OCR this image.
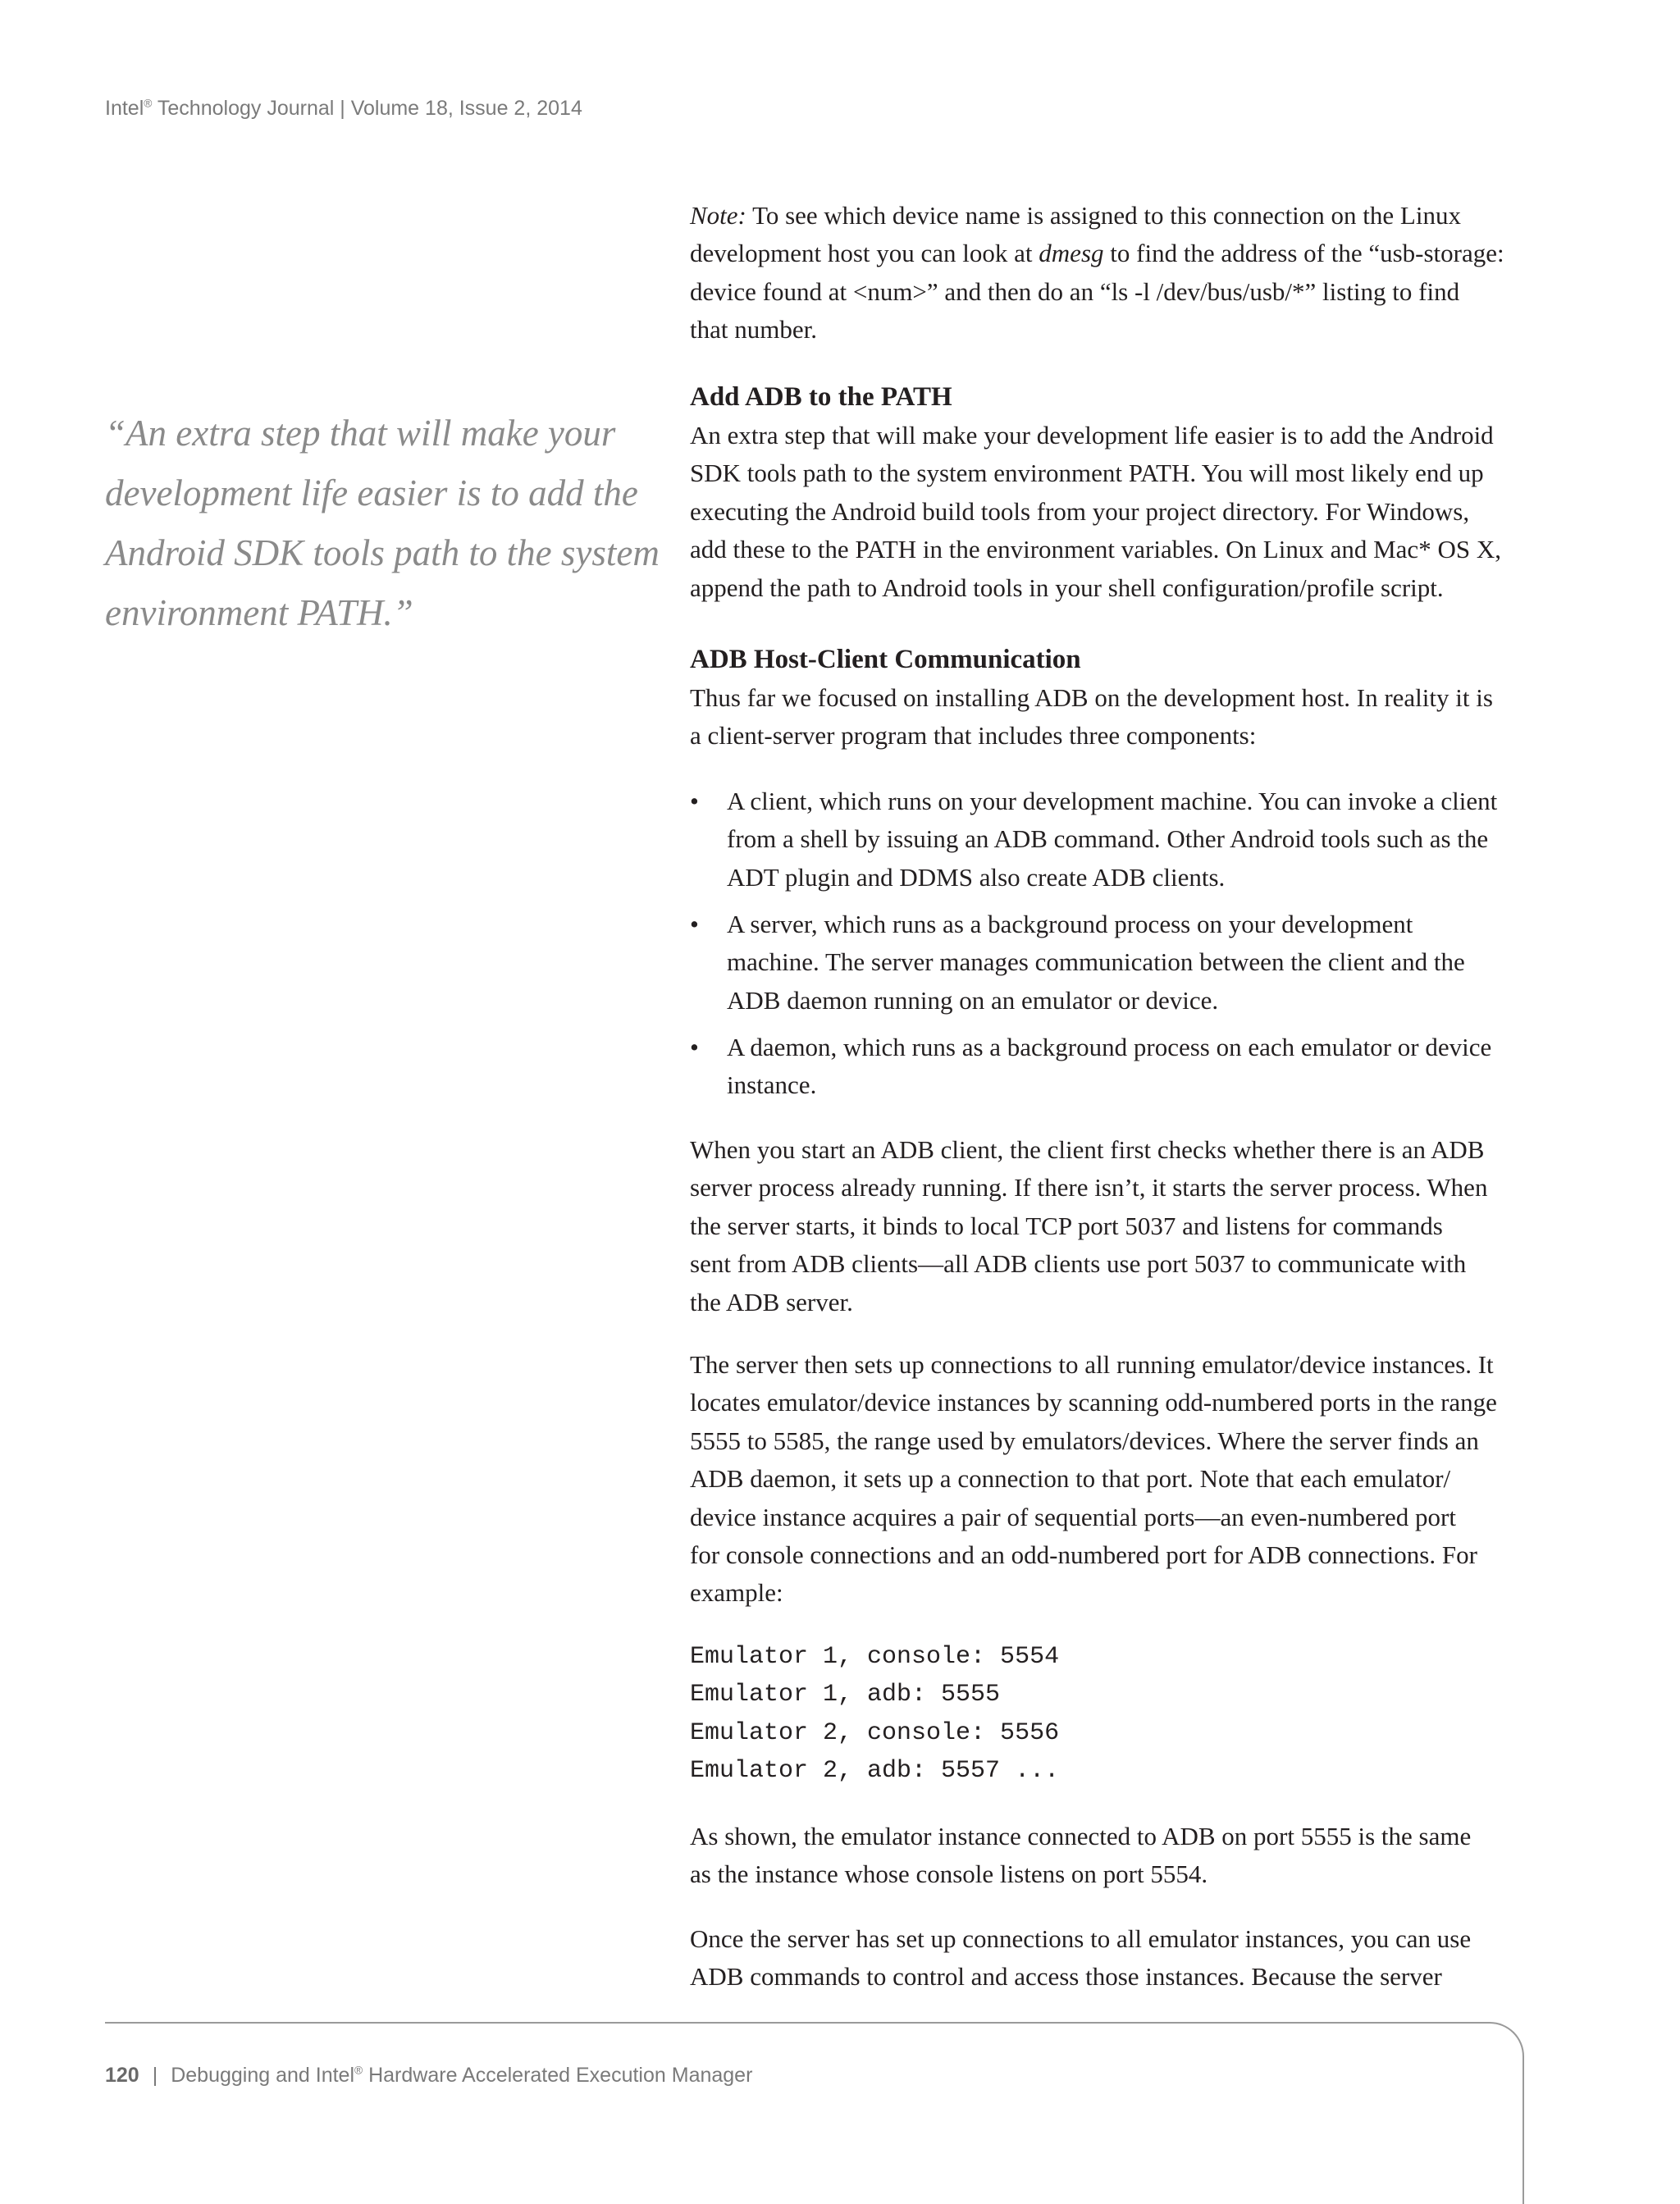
Intel® Technology Journal | Volume 18, Issue 2, 2014
“An extra step that will make your
development life easier is to add the
Android SDK tools path to the system
environment PATH.”

Note: To see which device name is assigned to this connection on the Linux
development host you can look at dmesg to find the address of the “usb-storage:
device found at <num>” and then do an “ls -l /dev/bus/usb/*” listing to find
that number.

Add ADB to the PATH

An extra step that will make your development life easier is to add the Android
SDK tools path to the system environment PATH. You will most likely end up
executing the Android build tools from your project directory. For Windows,
add these to the PATH in the environment variables. On Linux and Mac* OS X,
append the path to Android tools in your shell configuration/profile script.

ADB Host-Client Communication

Thus far we focused on installing ADB on the development host. In reality it is
a client-server program that includes three components:

• A client, which runs on your development machine. You can invoke a client
from a shell by issuing an ADB command. Other Android tools such as the
ADT plugin and DDMS also create ADB clients.
• A server, which runs as a background process on your development
machine. The server manages communication between the client and the
ADB daemon running on an emulator or device.
• A daemon, which runs as a background process on each emulator or device
instance.

When you start an ADB client, the client first checks whether there is an ADB
server process already running. If there isn’t, it starts the server process. When
the server starts, it binds to local TCP port 5037 and listens for commands
sent from ADB clients—all ADB clients use port 5037 to communicate with
the ADB server.

The server then sets up connections to all running emulator/device instances. It
locates emulator/device instances by scanning odd-numbered ports in the range
5555 to 5585, the range used by emulators/devices. Where the server finds an
ADB daemon, it sets up a connection to that port. Note that each emulator/
device instance acquires a pair of sequential ports—an even-numbered port
for console connections and an odd-numbered port for ADB connections. For
example:

Emulator 1, console: 5554
Emulator 1, adb: 5555
Emulator 2, console: 5556
Emulator 2, adb: 5557 ...

As shown, the emulator instance connected to ADB on port 5555 is the same
as the instance whose console listens on port 5554.

Once the server has set up connections to all emulator instances, you can use
ADB commands to control and access those instances. Because the server

120 | Debugging and Intel® Hardware Accelerated Execution Manager
